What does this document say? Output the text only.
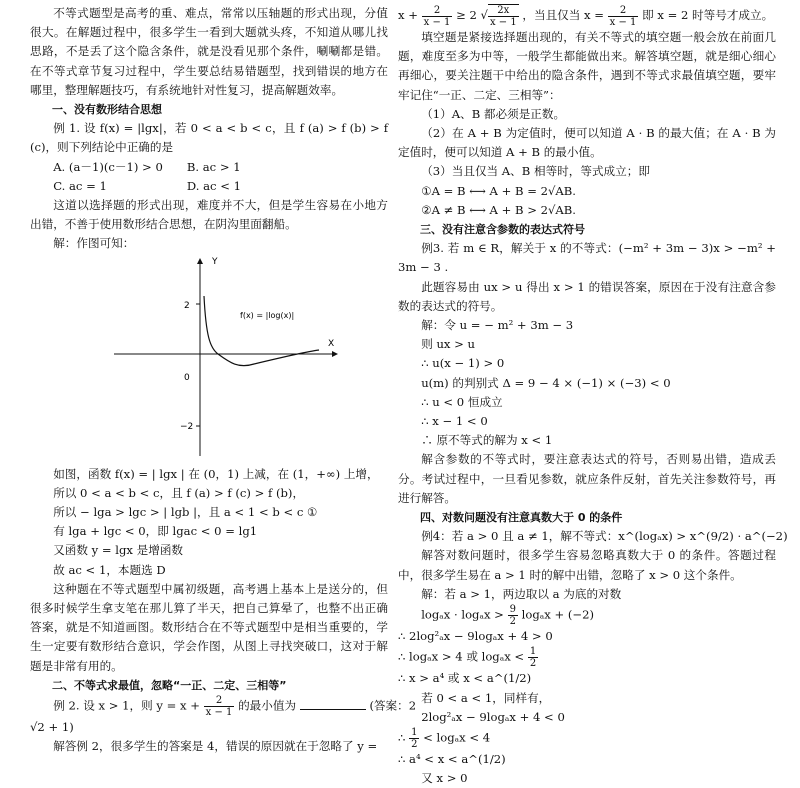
不等式题型是高考的重、难点，常常以压轴题的形式出现，分值很大。在解题过程中，很多学生一看到大题就头疼，不知道从哪儿找思路，不是丢了这个隐含条件，就是没看见那个条件，唰唰都是错。在不等式章节复习过程中，学生要总结易错题型，找到错误的地方在哪里，整理解题技巧，有系统地针对性复习，提高解题效率。

一、没有数形结合思想

例 1. 设 f(x) = |lgx|，若 0 < a < b < c，且 f (a) > f (b) > f (c)，则下列结论中正确的是

A. (a－1)(c－1) > 0 B. ac > 1
C. ac = 1	D. ac < 1

这道以选择题的形式出现，难度并不大，但是学生容易在小地方出错，不善于使用数形结合思想，在阴沟里面翻船。

解：作图可知：

Y
X
2
0
−2
f(x) = |log(x)|

如图，函数 f(x) = | lgx | 在 (0，1) 上减，在 (1，+∞) 上增，

所以 0 < a < b < c，且 f (a) > f (c) > f (b)，

所以 − lga > lgc > | lgb |，且 a < 1 < b < c ①

有 lga + lgc < 0，即 lgac < 0 = lg1

又函数 y = lgx 是增函数

故 ac < 1，本题选 D

这种题在不等式题型中属初级题，高考遇上基本上是送分的，但很多时候学生拿支笔在那儿算了半天，把自己算晕了，也整不出正确答案，就是不知道画图。数形结合在不等式题型中是相当重要的，学生一定要有数形结合意识，学会作图，从图上寻找突破口，这对于解题是非常有用的。

二、不等式求最值，忽略“一正、二定、三相等”

例 2. 设 x > 1，则 $y = x + \frac{2}{x - 1}$ 的最小值为	(答案：2

√2 + 1)

解答例 2，很多学生的答案是 4，错误的原因就在于忽略了 y =

$x + \frac{2}{x - 1} \ge 2$ √ $\frac{2x}{x - 1}$ ，当且仅当 $x = \frac{2}{x - 1}$ 即 x = 2 时等号才成立。

填空题是紧接选择题出现的，有关不等式的填空题一般会放在前面几题，难度至多为中等，一般学生都能做出来。解答填空题，就是细心细心再细心，要关注题干中给出的隐含条件，遇到不等式求最值填空题，要牢牢记住“一正、二定、三相等”：

（1）A、B 都必须是正数。

（2）在 A + B 为定值时，便可以知道 A · B 的最大值；在 A · B 为定值时，便可以知道 A + B 的最小值。

（3）当且仅当 A、B 相等时，等式成立；即

①A = B ⟷ A + B = 2√AB.

②A ≠ B ⟷ A + B > 2√AB.

三、没有注意含参数的表达式符号

例3. 若 m ∈ R，解关于 x 的不等式：(−m² + 3m − 3)x > −m² + 3m − 3 .

此题容易由 ux > u 得出 x > 1 的错误答案，原因在于没有注意含参数的表达式的符号。

解：令 u = − m² + 3m − 3

则 ux > u

∴ u(x − 1) > 0

u(m) 的判别式 Δ = 9 − 4 × (−1) × (−3) < 0

∴ u < 0 恒成立

∴ x − 1 < 0

∴ 原不等式的解为 x < 1

解含参数的不等式时，要注意表达式的符号，否则易出错，造成丢分。考试过程中，一旦看见参数，就应条件反射，首先关注参数符号，再进行解答。

四、对数问题没有注意真数大于 0 的条件

例4：若 a > 0 且 a ≠ 1，解不等式：x^(logₐx) > x^(9/2) · a^(−2)

解答对数问题时，很多学生容易忽略真数大于 0 的条件。答题过程中，很多学生易在 a > 1 时的解中出错，忽略了 x > 0 这个条件。

解：若 a > 1，两边取以 a 为底的对数

$\log_ax \cdot \log_ax > \frac{9}{2}$ logₐx + (−2)

∴ 2log²ₐx − 9logₐx + 4 > 0

∴ logₐx > 4 或 $\log_ax < \frac{1}{2}$

∴ x > a⁴ 或 x < a^(1/2)

若 0 < a < 1，同样有，

2log²ₐx − 9logₐx + 4 < 0

∴ $\frac{1}{2} < \log_ax < 4$

∴ a⁴ < x < a^(1/2)

又 x > 0
